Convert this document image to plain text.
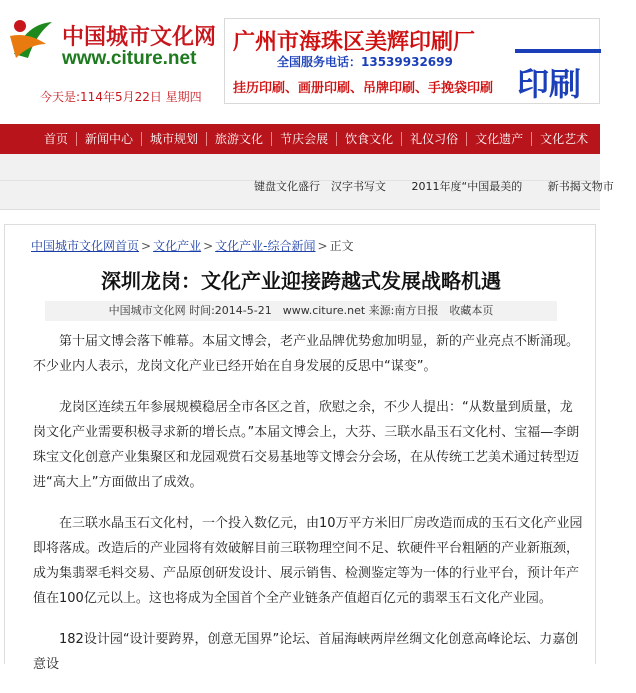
中国城市文化网
www.citure.net
今天是:114年5月22日 星期四
广州市海珠区美辉印刷厂
全国服务电话：13539932699
挂历印刷、画册印刷、吊牌印刷、手挽袋印刷 印刷
首页 新闻中心 城市规划 旅游文化 节庆会展 饮食文化 礼仪习俗 文化遗产 文化艺术
键盘文化盛行　汉字书写文 2011年度“中国最美的 新书揭文物市
中国城市文化网首页 > 文化产业 > 文化产业-综合新闻 > 正文
深圳龙岗：文化产业迎接跨越式发展战略机遇
中国城市文化网 时间:2014-5-21　www.citure.net 来源:南方日报　收藏本页

第十届文博会落下帷幕。本届文博会，老产业品牌优势愈加明显，新的产业亮点不断涌现。不少业内人表示，龙岗文化产业已经开始在自身发展的反思中“谋变”。

龙岗区连续五年参展规模稳居全市各区之首，欣慰之余，不少人提出：“从数量到质量，龙岗文化产业需要积极寻求新的增长点。”本届文博会上，大芬、三联水晶玉石文化村、宝福—李朗珠宝文化创意产业集聚区和龙园观赏石交易基地等文博会分会场，在从传统工艺美术通过转型迈进“高大上”方面做出了成效。

在三联水晶玉石文化村，一个投入数亿元，由10万平方米旧厂房改造而成的玉石文化产业园即将落成。改造后的产业园将有效破解目前三联物理空间不足、软硬件平台粗陋的产业新瓶颈，成为集翡翠毛料交易、产品原创研发设计、展示销售、检测鉴定等为一体的行业平台，预计年产值在100亿元以上。这也将成为全国首个全产业链条产值超百亿元的翡翠玉石文化产业园。

182设计园“设计要跨界，创意无国界”论坛、首届海峡两岸丝绸文化创意高峰论坛、力嘉创意设
